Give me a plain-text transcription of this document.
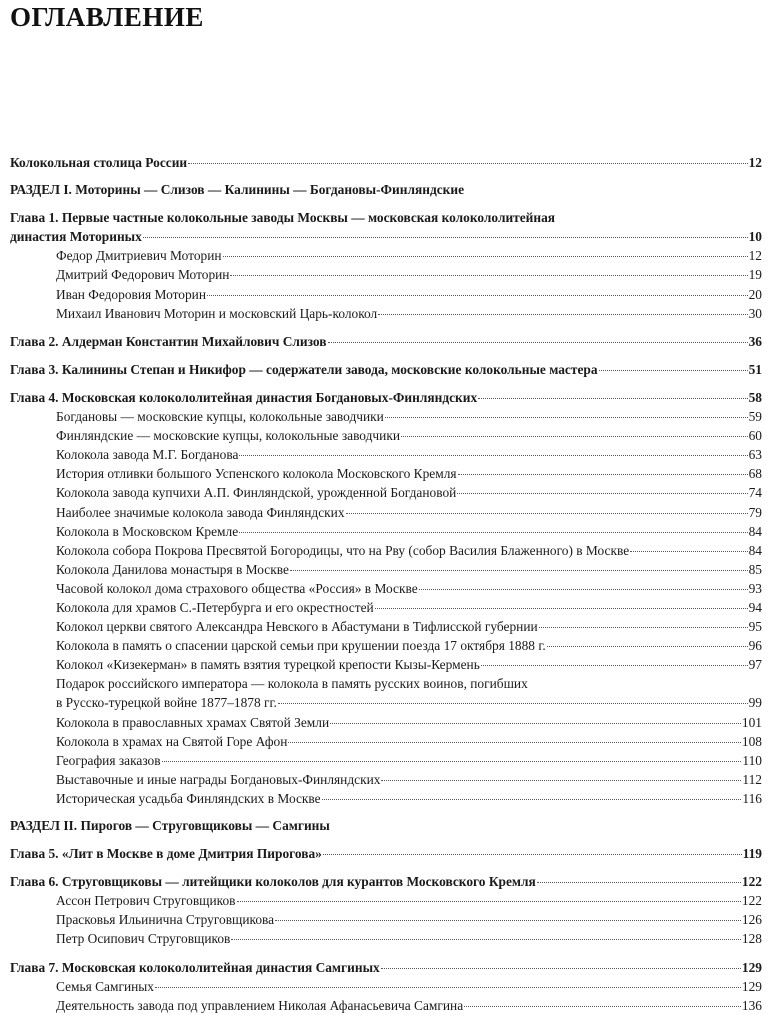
ОГЛАВЛЕНИЕ
Колокольная столица России	12
РАЗДЕЛ I. Моторины — Слизов — Калинины — Богдановы-Финляндские
Глава 1. Первые частные колокольные заводы Москвы — московская колокололитейная
династия Моториных	10
Федор Дмитриевич Моторин	12
Дмитрий Федорович Моторин	19
Иван Федоровия Моторин	20
Михаил Иванович Моторин и московский Царь-колокол	30
Глава 2. Алдерман Константин Михайлович Слизов	36
Глава 3. Калинины Степан и Никифор — содержатели завода, московские колокольные мастера	51
Глава 4. Московская колокололитейная династия Богдановых-Финляндских	58
Богдановы — московские купцы, колокольные заводчики	59
Финляндские — московские купцы, колокольные заводчики	60
Колокола завода М.Г. Богданова	63
История отливки большого Успенского колокола Московского Кремля	68
Колокола завода купчихи А.П. Финляндской, урожденной Богдановой	74
Наиболее значимые колокола завода Финляндских	79
Колокола в Московском Кремле	84
Колокола собора Покрова Пресвятой Богородицы, что на Рву (собор Василия Блаженного) в Москве	84
Колокола Данилова монастыря в Москве	85
Часовой колокол дома страхового общества «Россия» в Москве	93
Колокола для храмов С.-Петербурга и его окрестностей	94
Колокол церкви святого Александра Невского в Абастумани в Тифлисской губернии	95
Колокола в память о спасении царской семьи при крушении поезда 17 октября 1888 г.	96
Колокол «Кизекерман» в память взятия турецкой крепости Кызы-Кермень	97
Подарок российского императора — колокола в память русских воинов, погибших
в Русско-турецкой войне 1877–1878 гг.	99
Колокола в православных храмах Святой Земли	101
Колокола в храмах на Святой Горе Афон	108
География заказов	110
Выставочные и иные награды Богдановых-Финляндских	112
Историческая усадьба Финляндских в Москве	116
РАЗДЕЛ II. Пирогов — Струговщиковы — Самгины
Глава 5. «Лит в Москве в доме Дмитрия Пирогова»	119
Глава 6. Струговщиковы — литейщики колоколов для курантов Московского Кремля	122
Ассон Петрович Струговщиков	122
Прасковья Ильинична Струговщикова	126
Петр Осипович Струговщиков	128
Глава 7. Московская колокололитейная династия Самгиных	129
Семья Самгиных	129
Деятельность завода под управлением Николая Афанасьевича Самгина	136
